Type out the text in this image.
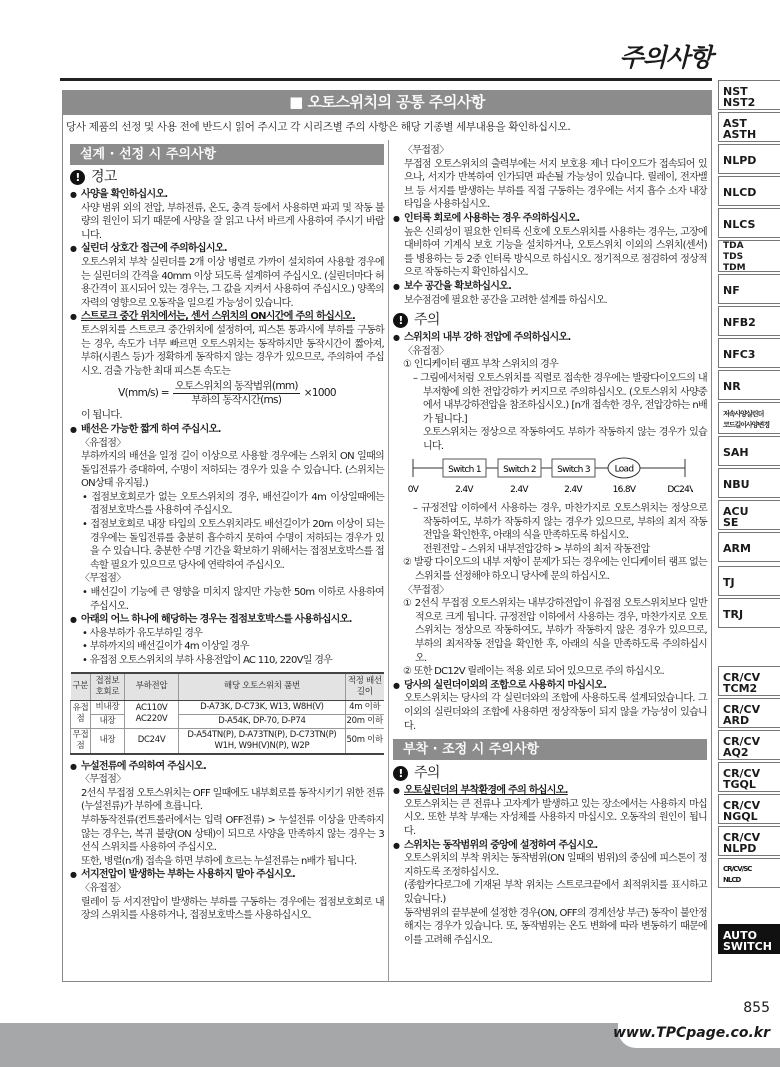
주의사항
■ 오토스위치의 공통 주의사항
당사 제품의 선정 및 사용 전에 반드시 읽어 주시고 각 시리즈별 주의 사항은 해당 기종별 세부내용을 확인하십시오.
설계 · 선정 시 주의사항
! 경고
● 사양을 확인하십시오.
사양 범위 외의 전압, 부하전류, 온도, 충격 등에서 사용하면 파괴 및 작동 불량의 원인이 되기 때문에 사양을 잘 읽고 나서 바르게 사용하여 주시기 바랍니다.
● 실린더 상호간 접근에 주의하십시오.
오토스위치 부착 실린더를 2개 이상 병렬로 가까이 설치하여 사용할 경우에는 실린더의 간격을 40mm 이상 되도록 설계하여 주십시오. (실린더마다 허용간격이 표시되어 있는 경우는, 그 값을 지켜서 사용하여 주십시오.) 양쪽의 자력의 영향으로 오동작을 일으킬 가능성이 있습니다.
● 스트로크 중간 위치에서는, 센서 스위치의 ON시간에 주의 하십시오.
토스위치를 스트로크 중간위치에 설정하여, 피스톤 통과시에 부하를 구동하는 경우, 속도가 너무 빠르면 오토스위치는 동작하지만 동작시간이 짧아져, 부하(시퀀스 등)가 정확하게 동작하지 않는 경우가 있으므로, 주의하여 주십시오. 검출 가능한 최대 피스톤 속도는
$V(mm/s) = \frac{\text{오토스위치의 동작범위(mm)}}{\text{부하의 동작시간(ms)}} \times 1000$
이 됩니다.
● 배선은 가능한 짧게 하여 주십시오.
〈유접점〉
부하까지의 배선을 일정 길이 이상으로 사용할 경우에는 스위치 ON 일때의 돌입전류가 증대하여, 수명이 저하되는 경우가 있을 수 있습니다. (스위치는 ON상태 유지됨.)
• 접점보호회로가 없는 오토스위치의 경우, 배선길이가 4m 이상일때에는 접점보호박스를 사용하여 주십시오.
• 접점보호회로 내장 타입의 오토스위치라도 배선길이가 20m 이상이 되는 경우에는 돌입전류를 충분히 흡수하지 못하여 수명이 저하되는 경우가 있을 수 있습니다. 충분한 수명 기간을 확보하기 위해서는 접점보호박스를 접속할 필요가 있으므로 당사에 연락하여 주십시오.
〈무접점〉
• 배선길이 기능에 큰 영향을 미치지 않지만 가능한 50m 이하로 사용하여 주십시오.
● 아래의 어느 하나에 해당하는 경우는 접점보호박스를 사용하십시오.
• 사용부하가 유도부하일 경우
• 부하까지의 배선길이가 4m 이상일 경우
• 유접점 오토스위치의 부하 사용전압이 AC 110, 220V일 경우
구분	접점보호회로	부하전압	해당 오토스위치 품번	적정 배선길이
유접점	비내장	AC110V AC220V	D-A73K, D-C73K, W13, W8H(V)	4m 이하
	내장		D-A54K, DP-70, D-P74	20m 이하
무접점	내장	DC24V	D-A54TN(P), D-A73TN(P), D-C73TN(P) W1H, W9H(V)N(P), W2P	50m 이하
● 누설전류에 주의하여 주십시오.
〈무접점〉
2선식 무접점 오토스위치는 OFF 일때에도 내부회로를 동작시키기 위한 전류(누설전류)가 부하에 흐릅니다.
부하동작전류(컨트롤러에서는 입력 OFF전류) > 누설전류 이상을 만족하지 않는 경우는, 복귀 불량(ON 상태)이 되므로 사양을 만족하지 않는 경우는 3선식 스위치를 사용하여 주십시오.
또한, 병렬(n개) 접속을 하면 부하에 흐르는 누설전류는 n배가 됩니다.
● 서지전압이 발생하는 부하는 사용하지 말아 주십시오.
〈유접점〉
릴레이 등 서지전압이 발생하는 부하를 구동하는 경우에는 접점보호회로 내장의 스위치를 사용하거나, 접점보호박스를 사용하십시오.
〈무접점〉
무접점 오토스위치의 출력부에는 서지 보호용 제너 다이오드가 접속되어 있으나, 서지가 반복하여 인가되면 파손될 가능성이 있습니다. 릴레이, 전자밸브 등 서지를 발생하는 부하를 직접 구동하는 경우에는 서지 흡수 소자 내장 타입을 사용하십시오.
● 인터록 회로에 사용하는 경우 주의하십시오.
높은 신뢰성이 필요한 인터록 신호에 오토스위치를 사용하는 경우는, 고장에 대비하여 기계식 보호 기능을 설치하거나, 오토스위치 이외의 스위치(센서)를 병용하는 등 2중 인터록 방식으로 하십시오. 정기적으로 점검하여 정상적으로 작동하는지 확인하십시오.
● 보수 공간을 확보하십시오.
보수점검에 필요한 공간을 고려한 설계를 하십시오.
! 주의
● 스위치의 내부 강하 전압에 주의하십시오.
〈유접점〉
① 인디케이터 램프 부착 스위치의 경우
– 그림에서처럼 오토스위치를 직렬로 접속한 경우에는 발광다이오드의 내부저항에 의한 전압강하가 커지므로 주의하십시오. (오토스위치 사양중에서 내부강하전압을 참조하십시오.) [n개 접속한 경우, 전압강하는 n배가 됩니다.]
오토스위치는 정상으로 작동하여도 부하가 작동하지 않는 경우가 있습니다.
Switch 1 Switch 2 Switch 3	Load
0V	2.4V	2.4V	2.4V	16.8V	DC24V
– 규정전압 이하에서 사용하는 경우, 마찬가지로 오토스위치는 정상으로 작동하여도, 부하가 작동하지 않는 경우가 있으므로, 부하의 최저 작동 전압을 확인한후, 아래의 식을 만족하도록 하십시오.
전원전압 – 스위치 내부전압강하 > 부하의 최저 작동전압
② 발광 다이오드의 내부 저항이 문제가 되는 경우에는 인디케이터 램프 없는 스위치를 선정해야 하오니 당사에 문의 하십시오.
〈무접점〉
① 2선식 무접점 오토스위치는 내부강하전압이 유접점 오토스위치보다 일반적으로 크게 됩니다. 규정전압 이하에서 사용하는 경우, 마찬가지로 오토스위치는 정상으로 작동하여도, 부하가 작동하지 않은 경우가 있으므로, 부하의 최저작동 전압을 확인한 후, 아래의 식을 만족하도록 주의하십시오.
② 또한 DC12V 릴레이는 적용 외로 되어 있으므로 주의 하십시오.
● 당사의 실린더이외의 조합으로 사용하지 마십시오.
오토스위치는 당사의 각 실린더와의 조합에 사용하도록 설계되었습니다. 그 이외의 실린더와의 조합에 사용하면 정상작동이 되지 않을 가능성이 있습니다.
부착 · 조정 시 주의사항
! 주의
● 오토실린더의 부착환경에 주의 하십시오.
오토스위치는 큰 전류나 고자계가 발생하고 있는 장소에서는 사용하지 마십시오. 또한 부착 부재는 자성체를 사용하지 마십시오. 오동작의 원인이 됩니다.
● 스위치는 동작범위의 중앙에 설정하여 주십시오.
오토스위치의 부착 위치는 동작범위(ON 일때의 범위)의 중심에 피스톤이 정지하도록 조정하십시오.
(종합카다로그에 기재된 부착 위치는 스트로크끝에서 최적위치를 표시하고 있습니다.)
동작범위의 끝부분에 설정한 경우(ON, OFF의 경계선상 부근) 동작이 불안정해지는 경우가 있습니다. 또, 동작범위는 온도 변화에 따라 변동하기 때문에 이를 고려해 주십시오.
NST
NST2
AST
ASTH
NLPD
NLCD
NLCS
TDA
TDS
TDM
NF
NFB2
NFC3
NR
저속사양실린더
코드길이사양변경
SAH
NBU
ACU
SE
ARM
TJ
TRJ
CR/CV
TCM2
CR/CV
ARD
CR/CV
AQ2
CR/CV
TGQL
CR/CV
NGQL
CR/CV
NLPD
CR/CV/SC
NLCD
AUTO
SWITCH
855
www.TPCpage.co.kr
